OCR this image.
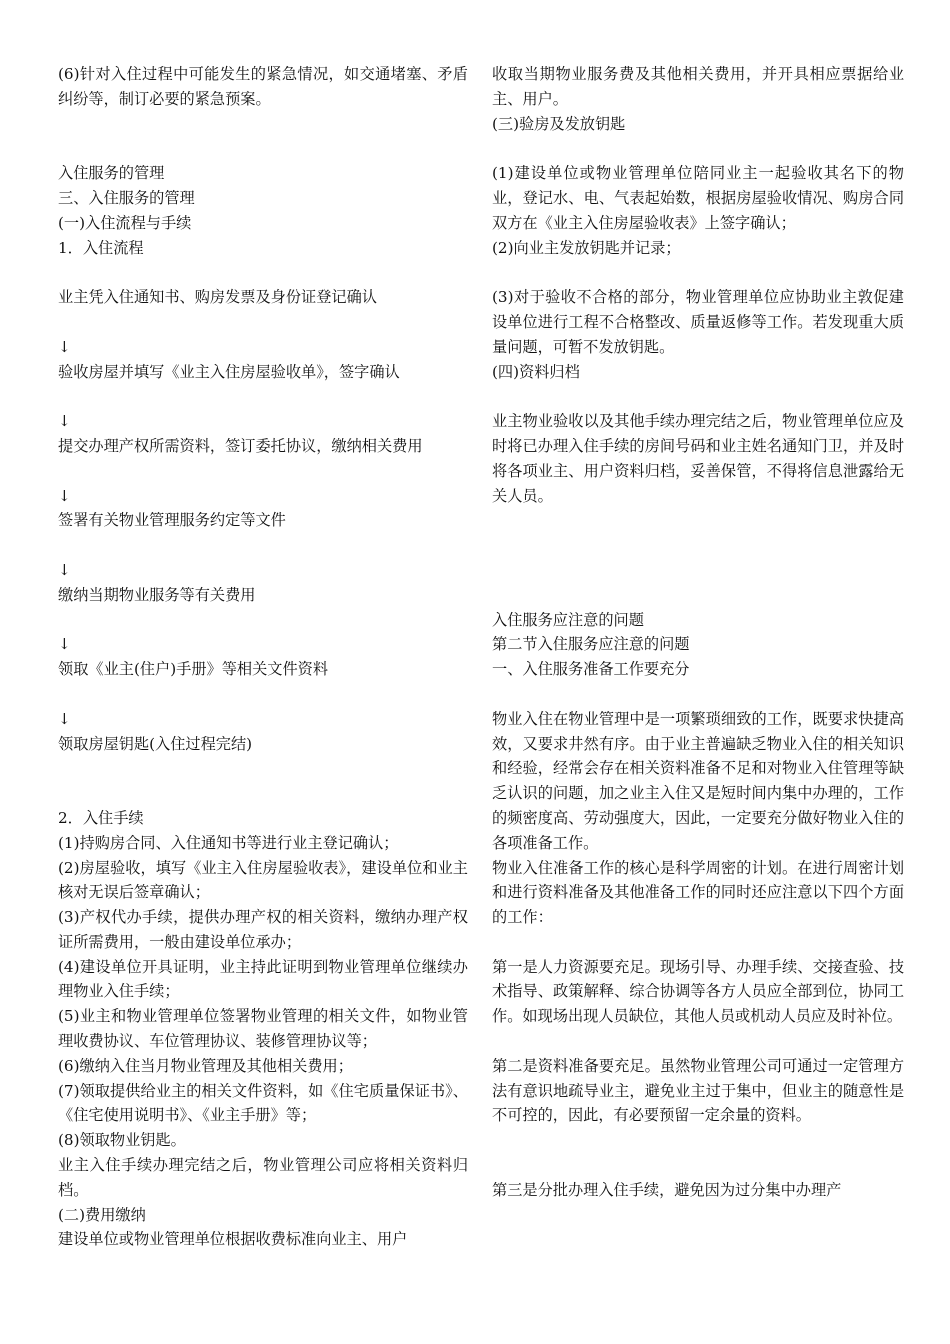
(6)针对入住过程中可能发生的紧急情况，如交通堵塞、矛盾纠纷等，制订必要的紧急预案。
入住服务的管理
三、入住服务的管理
(一)入住流程与手续
1．入住流程
业主凭入住通知书、购房发票及身份证登记确认
↓
验收房屋并填写《业主入住房屋验收单》，签字确认
↓
提交办理产权所需资料，签订委托协议，缴纳相关费用
↓
签署有关物业管理服务约定等文件
↓
缴纳当期物业服务等有关费用
↓
领取《业主(住户)手册》等相关文件资料
↓
领取房屋钥匙(入住过程完结)
2．入住手续
(1)持购房合同、入住通知书等进行业主登记确认；
(2)房屋验收，填写《业主入住房屋验收表》，建设单位和业主核对无误后签章确认；
(3)产权代办手续，提供办理产权的相关资料，缴纳办理产权证所需费用，一般由建设单位承办；
(4)建设单位开具证明，业主持此证明到物业管理单位继续办理物业入住手续；
(5)业主和物业管理单位签署物业管理的相关文件，如物业管理收费协议、车位管理协议、装修管理协议等；
(6)缴纳入住当月物业管理及其他相关费用；
(7)领取提供给业主的相关文件资料，如《住宅质量保证书》、《住宅使用说明书》、《业主手册》等；
(8)领取物业钥匙。
业主入住手续办理完结之后，物业管理公司应将相关资料归档。
(二)费用缴纳
建设单位或物业管理单位根据收费标准向业主、用户
收取当期物业服务费及其他相关费用，并开具相应票据给业主、用户。
(三)验房及发放钥匙
(1)建设单位或物业管理单位陪同业主一起验收其名下的物业，登记水、电、气表起始数，根据房屋验收情况、购房合同双方在《业主入住房屋验收表》上签字确认；
(2)向业主发放钥匙并记录；
(3)对于验收不合格的部分，物业管理单位应协助业主敦促建设单位进行工程不合格整改、质量返修等工作。若发现重大质量问题，可暂不发放钥匙。
(四)资料归档
业主物业验收以及其他手续办理完结之后，物业管理单位应及时将已办理入住手续的房间号码和业主姓名通知门卫，并及时将各项业主、用户资料归档，妥善保管，不得将信息泄露给无关人员。
入住服务应注意的问题
第二节入住服务应注意的问题
一、入住服务准备工作要充分
物业入住在物业管理中是一项繁琐细致的工作，既要求快捷高效，又要求井然有序。由于业主普遍缺乏物业入住的相关知识和经验，经常会存在相关资料准备不足和对物业入住管理等缺乏认识的问题，加之业主入住又是短时间内集中办理的，工作的频密度高、劳动强度大，因此，一定要充分做好物业入住的各项准备工作。
物业入住准备工作的核心是科学周密的计划。在进行周密计划和进行资料准备及其他准备工作的同时还应注意以下四个方面的工作：
第一是人力资源要充足。现场引导、办理手续、交接查验、技术指导、政策解释、综合协调等各方人员应全部到位，协同工作。如现场出现人员缺位，其他人员或机动人员应及时补位。
第二是资料准备要充足。虽然物业管理公司可通过一定管理方法有意识地疏导业主，避免业主过于集中，但业主的随意性是不可控的，因此，有必要预留一定余量的资料。
第三是分批办理入住手续，避免因为过分集中办理产
